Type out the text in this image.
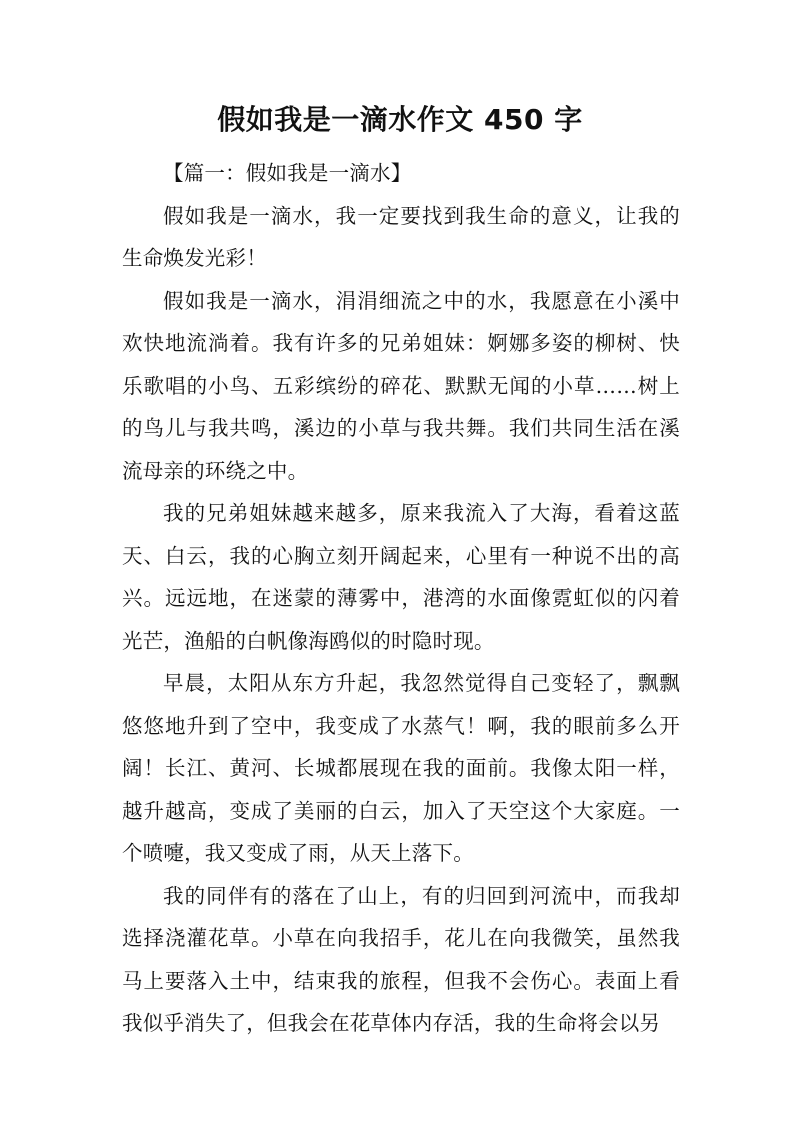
假如我是一滴水作文 450 字

【篇一：假如我是一滴水】

假如我是一滴水，我一定要找到我生命的意义，让我的生命焕发光彩！

假如我是一滴水，涓涓细流之中的水，我愿意在小溪中欢快地流淌着。我有许多的兄弟姐妹：婀娜多姿的柳树、快乐歌唱的小鸟、五彩缤纷的碎花、默默无闻的小草……树上的鸟儿与我共鸣，溪边的小草与我共舞。我们共同生活在溪流母亲的环绕之中。

我的兄弟姐妹越来越多，原来我流入了大海，看着这蓝天、白云，我的心胸立刻开阔起来，心里有一种说不出的高兴。远远地，在迷蒙的薄雾中，港湾的水面像霓虹似的闪着光芒，渔船的白帆像海鸥似的时隐时现。

早晨，太阳从东方升起，我忽然觉得自己变轻了，飘飘悠悠地升到了空中，我变成了水蒸气！啊，我的眼前多么开阔！长江、黄河、长城都展现在我的面前。我像太阳一样，越升越高，变成了美丽的白云，加入了天空这个大家庭。一个喷嚏，我又变成了雨，从天上落下。

我的同伴有的落在了山上，有的归回到河流中，而我却选择浇灌花草。小草在向我招手，花儿在向我微笑，虽然我马上要落入土中，结束我的旅程，但我不会伤心。表面上看我似乎消失了，但我会在花草体内存活，我的生命将会以另
